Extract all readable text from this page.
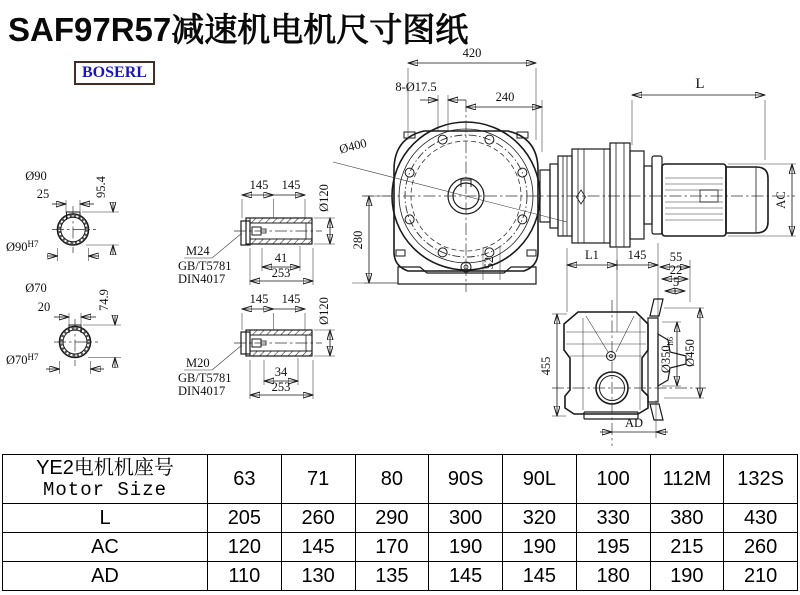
SAF97R57减速机电机尺寸图纸
BOSERL
420
240
8-Ø17.5	L
AC
280
Ø400
52
Ø90
25	95.4
$Ø90^{H7}$
Ø70
20	74.9
$Ø70^{H7}$
145 145 Ø120
M24
GB/T5781
DIN4017
41
253
145 145 Ø120
M20
GB/T5781
DIN4017
34
253
L1 145 55
22
5
455	$Ø350_{h6}$ Ø450
AD
YE2电机机座号
Motor Size	63	71	80	90S	90L	100	112M	132S
L	205	260	290	300	320	330	380	430
AC	120	145	170	190	190	195	215	260
AD	110	130	135	145	145	180	190	210
